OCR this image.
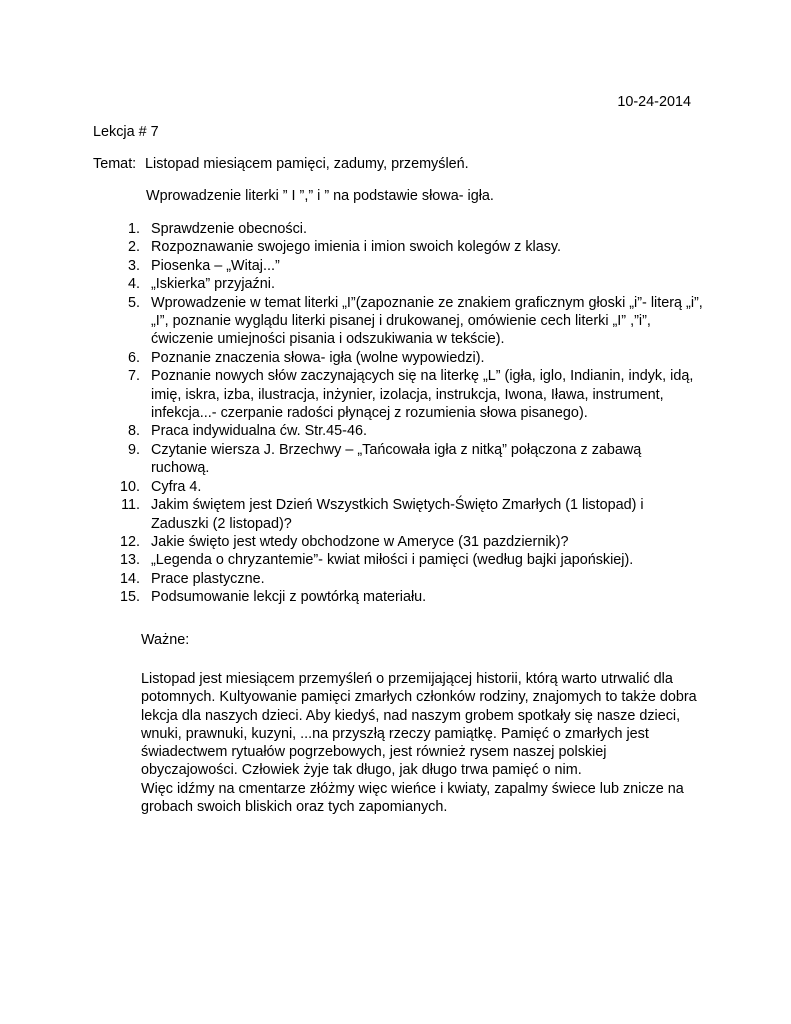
10-24-2014
Lekcja # 7
Temat: Listopad miesiącem pamięci, zadumy, przemyśleń.
Wprowadzenie literki ” I ”,” i ” na podstawie słowa- igła.
1. Sprawdzenie obecności.
2. Rozpoznawanie swojego imienia i imion swoich kolegów z klasy.
3. Piosenka – „Witaj...”
4. „Iskierka” przyjaźni.
5. Wprowadzenie w temat literki „I”(zapoznanie ze znakiem graficznym głoski „i”- literą „i”,
„I”, poznanie wyglądu literki pisanej i drukowanej, omówienie cech literki „I” ,”i”,
ćwiczenie umiejności pisania i odszukiwania w tekście).
6. Poznanie znaczenia słowa- igła (wolne wypowiedzi).
7. Poznanie nowych słów zaczynających się na literkę „L” (igła, iglo, Indianin, indyk, idą,
imię, iskra, izba, ilustracja, inżynier, izolacja, instrukcja, Iwona, Iława, instrument,
infekcja...- czerpanie radości płynącej z rozumienia słowa pisanego).
8. Praca indywidualna ćw. Str.45-46.
9. Czytanie wiersza J. Brzechwy – „Tańcowała igła z nitką” połączona z zabawą
ruchową.
10. Cyfra 4.
11. Jakim świętem jest Dzień Wszystkich Swiętych-Święto Zmarłych (1 listopad) i
Zaduszki (2 listopad)?
12. Jakie święto jest wtedy obchodzone w Ameryce (31 pazdziernik)?
13. „Legenda o chryzantemie”- kwiat miłości i pamięci (według bajki japońskiej).
14. Prace plastyczne.
15. Podsumowanie lekcji z powtórką materiału.
Ważne:
Listopad jest miesiącem przemyśleń o przemijającej historii, którą warto utrwalić dla
potomnych. Kultyowanie pamięci zmarłych członków rodziny, znajomych to także dobra
lekcja dla naszych dzieci. Aby kiedyś, nad naszym grobem spotkały się nasze dzieci,
wnuki, prawnuki, kuzyni, ...na przyszłą rzeczy pamiątkę. Pamięć o zmarłych jest
świadectwem rytuałów pogrzebowych, jest również rysem naszej polskiej
obyczajowości. Człowiek żyje tak długo, jak długo trwa pamięć o nim.
Więc idźmy na cmentarze złóżmy więc wieńce i kwiaty, zapalmy świece lub znicze na
grobach swoich bliskich oraz tych zapomianych.
